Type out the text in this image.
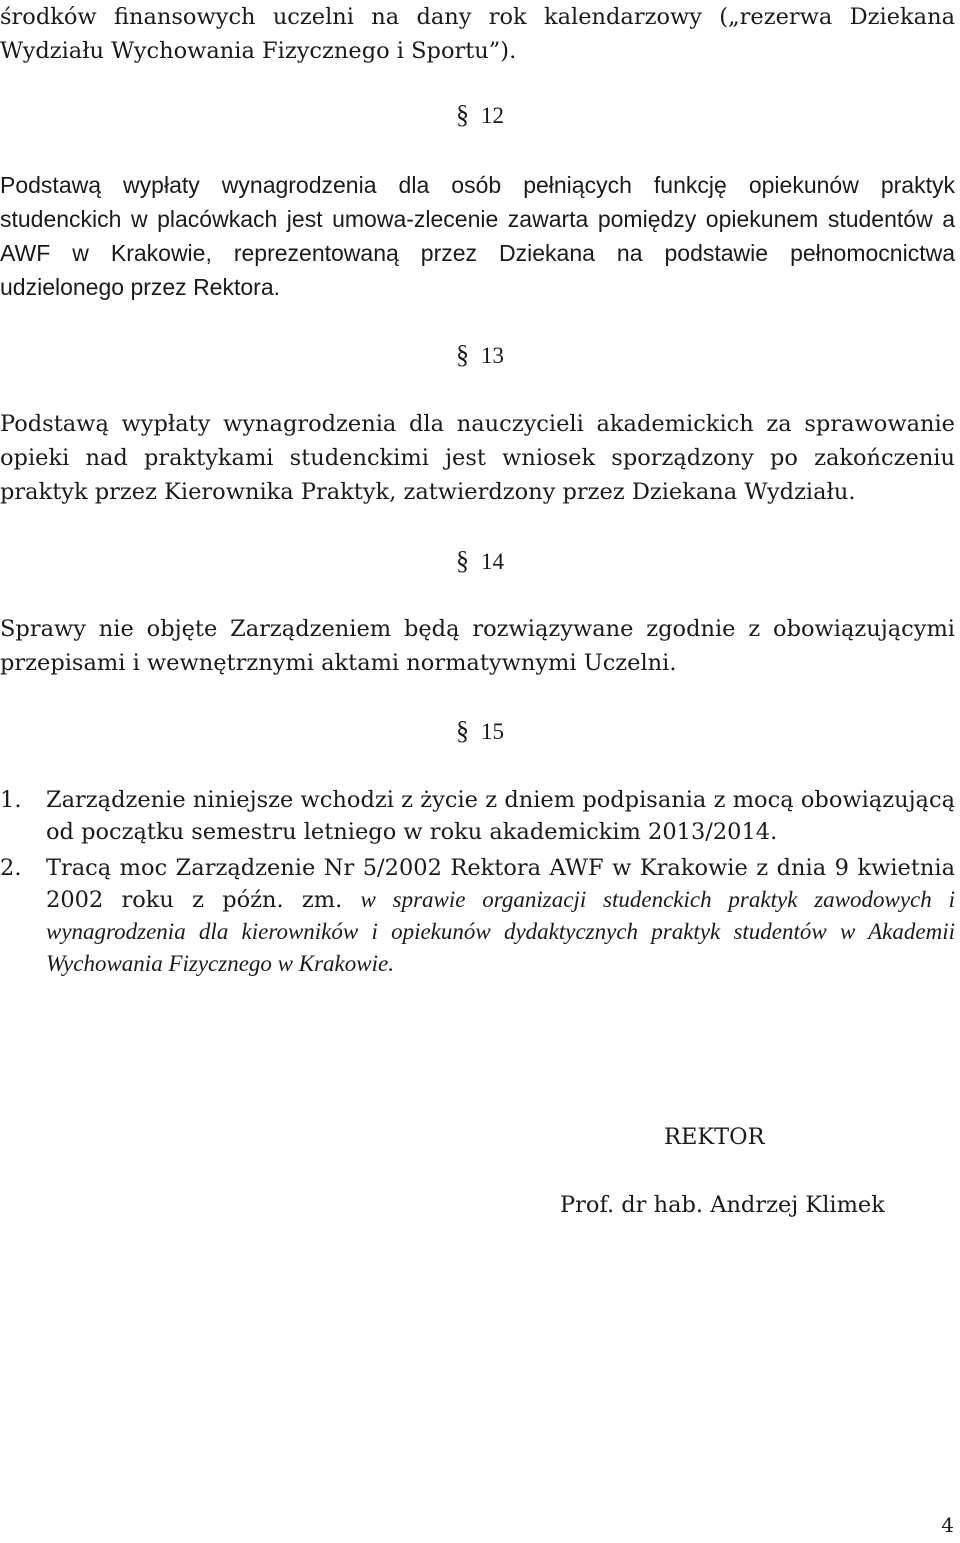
środków finansowych uczelni na dany rok kalendarzowy („rezerwa Dziekana Wydziału Wychowania Fizycznego i Sportu”).

§ 12

Podstawą wypłaty wynagrodzenia dla osób pełniących funkcję opiekunów praktyk studenckich w placówkach jest umowa-zlecenie zawarta pomiędzy opiekunem studentów a AWF w Krakowie, reprezentowaną przez Dziekana na podstawie pełnomocnictwa udzielonego przez Rektora.

§ 13

Podstawą wypłaty wynagrodzenia dla nauczycieli akademickich za sprawowanie opieki nad praktykami studenckimi jest wniosek sporządzony po zakończeniu praktyk przez Kierownika Praktyk, zatwierdzony przez Dziekana Wydziału.

§ 14

Sprawy nie objęte Zarządzeniem będą rozwiązywane zgodnie z obowiązującymi przepisami i wewnętrznymi aktami normatywnymi Uczelni.

§ 15

1. Zarządzenie niniejsze wchodzi z życie z dniem podpisania z mocą obowiązującą od początku semestru letniego w roku akademickim 2013/2014.
2. Tracą moc Zarządzenie Nr 5/2002 Rektora AWF w Krakowie z dnia 9 kwietnia 2002 roku z późn. zm. w sprawie organizacji studenckich praktyk zawodowych i wynagrodzenia dla kierowników i opiekunów dydaktycznych praktyk studentów w Akademii Wychowania Fizycznego w Krakowie.

REKTOR

Prof. dr hab. Andrzej Klimek

4
